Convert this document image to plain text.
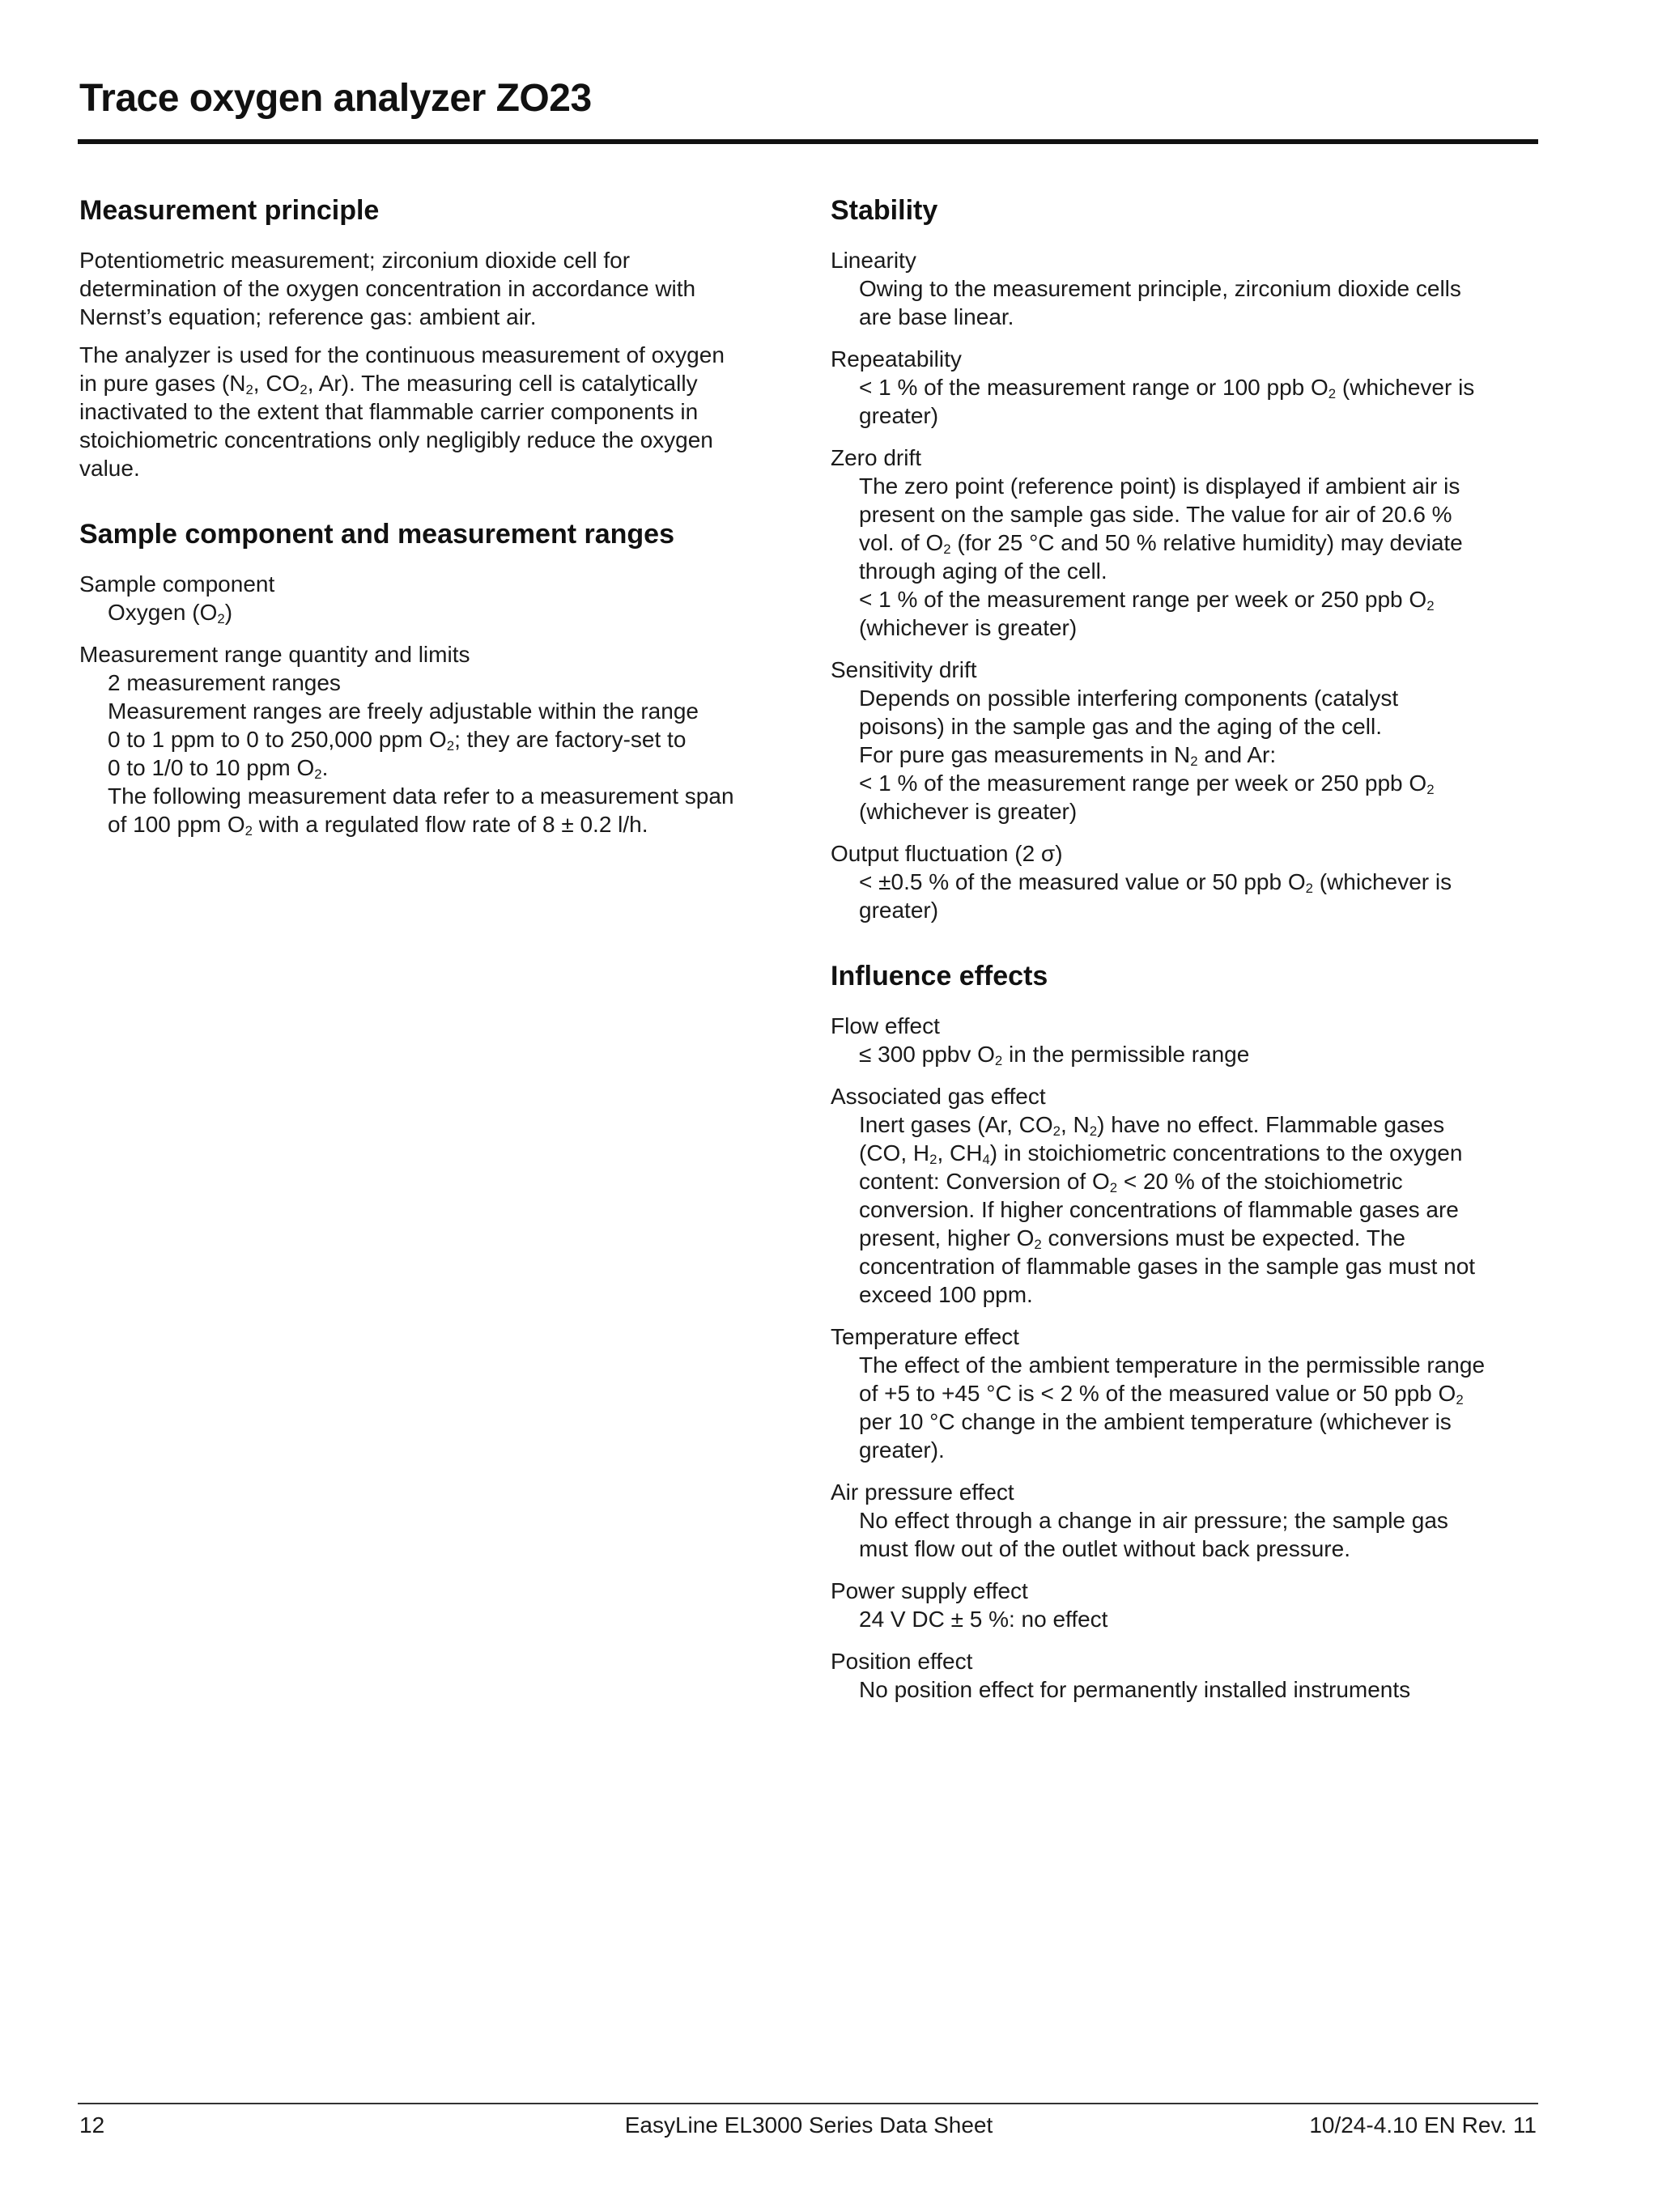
Trace oxygen analyzer ZO23
Measurement principle

Potentiometric measurement; zirconium dioxide cell for
determination of the oxygen concentration in accordance with
Nernst’s equation; reference gas: ambient air.

The analyzer is used for the continuous measurement of oxygen
in pure gases ($N_2$, $CO_2$, Ar). The measuring cell is catalytically
inactivated to the extent that flammable carrier components in
stoichiometric concentrations only negligibly reduce the oxygen
value.

Sample component and measurement ranges
Sample component
Oxygen $(O_2)$
Measurement range quantity and limits
2 measurement ranges
Measurement ranges are freely adjustable within the range
0 to 1 ppm to 0 to 250,000 ppm $O_2$; they are factory-set to
0 to 1/0 to 10 ppm $O_2$.
The following measurement data refer to a measurement span
of 100 ppm $O_2$ with a regulated flow rate of 8 ± 0.2 l/h.
Stability
Linearity
Owing to the measurement principle, zirconium dioxide cells
are base linear.
Repeatability
< 1 % of the measurement range or 100 ppb $O_2$ (whichever is
greater)
Zero drift
The zero point (reference point) is displayed if ambient air is
present on the sample gas side. The value for air of 20.6 %
vol. of $O_2$ (for 25 °C and 50 % relative humidity) may deviate
through aging of the cell.
< 1 % of the measurement range per week or 250 ppb $O_2$
(whichever is greater)
Sensitivity drift
Depends on possible interfering components (catalyst
poisons) in the sample gas and the aging of the cell.
For pure gas measurements in $N_2$ and Ar:
< 1 % of the measurement range per week or 250 ppb $O_2$
(whichever is greater)
Output fluctuation (2 σ)
< ±0.5 % of the measured value or 50 ppb $O_2$ (whichever is
greater)
Influence effects
Flow effect
≤ 300 ppbv $O_2$ in the permissible range
Associated gas effect
Inert gases (Ar, $CO_2$, $N_2$) have no effect. Flammable gases
(CO, $H_2$, $CH_4$) in stoichiometric concentrations to the oxygen
content: Conversion of $O_2 < 20$ % of the stoichiometric
conversion. If higher concentrations of flammable gases are
present, higher $O_2$ conversions must be expected. The
concentration of flammable gases in the sample gas must not
exceed 100 ppm.
Temperature effect
The effect of the ambient temperature in the permissible range
of +5 to +45 °C is < 2 % of the measured value or 50 ppb $O_2$
per 10 °C change in the ambient temperature (whichever is
greater).
Air pressure effect
No effect through a change in air pressure; the sample gas
must flow out of the outlet without back pressure.
Power supply effect
24 V DC ± 5 %: no effect
Position effect
No position effect for permanently installed instruments
12	EasyLine EL3000 Series Data Sheet	10/24-4.10 EN Rev. 11
